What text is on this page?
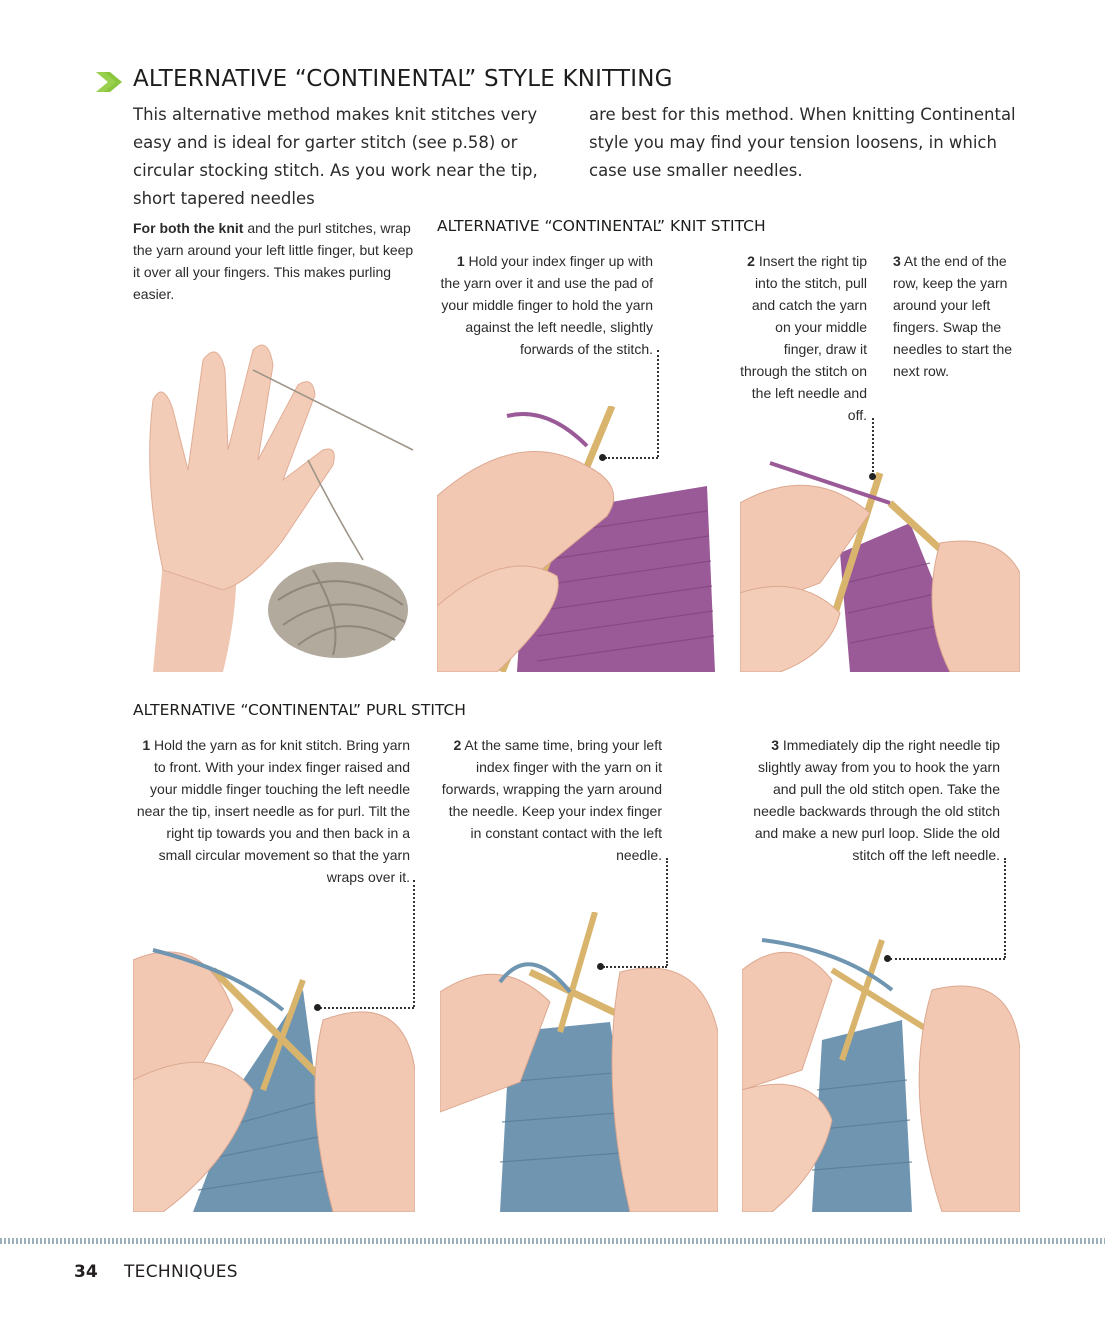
ALTERNATIVE “CONTINENTAL” STYLE KNITTING
This alternative method makes knit stitches very easy and is ideal for garter stitch (see p.58) or circular stocking stitch. As you work near the tip, short tapered needles
are best for this method. When knitting Continental style you may find your tension loosens, in which case use smaller needles.
For both the knit and the purl stitches, wrap the yarn around your left little finger, but keep it over all your fingers. This makes purling easier.
ALTERNATIVE “CONTINENTAL” KNIT STITCH
1 Hold your index finger up with the yarn over it and use the pad of your middle finger to hold the yarn against the left needle, slightly forwards of the stitch.
2 Insert the right tip into the stitch, pull and catch the yarn on your middle finger, draw it through the stitch on the left needle and off.
3 At the end of the row, keep the yarn around your left fingers. Swap the needles to start the next row.
ALTERNATIVE “CONTINENTAL” PURL STITCH
1 Hold the yarn as for knit stitch. Bring yarn to front. With your index finger raised and your middle finger touching the left needle near the tip, insert needle as for purl. Tilt the right tip towards you and then back in a small circular movement so that the yarn wraps over it.
2 At the same time, bring your left index finger with the yarn on it forwards, wrapping the yarn around the needle. Keep your index finger in constant contact with the left needle.
3 Immediately dip the right needle tip slightly away from you to hook the yarn and pull the old stitch open. Take the needle backwards through the old stitch and make a new purl loop. Slide the old stitch off the left needle.
34 TECHNIQUES
